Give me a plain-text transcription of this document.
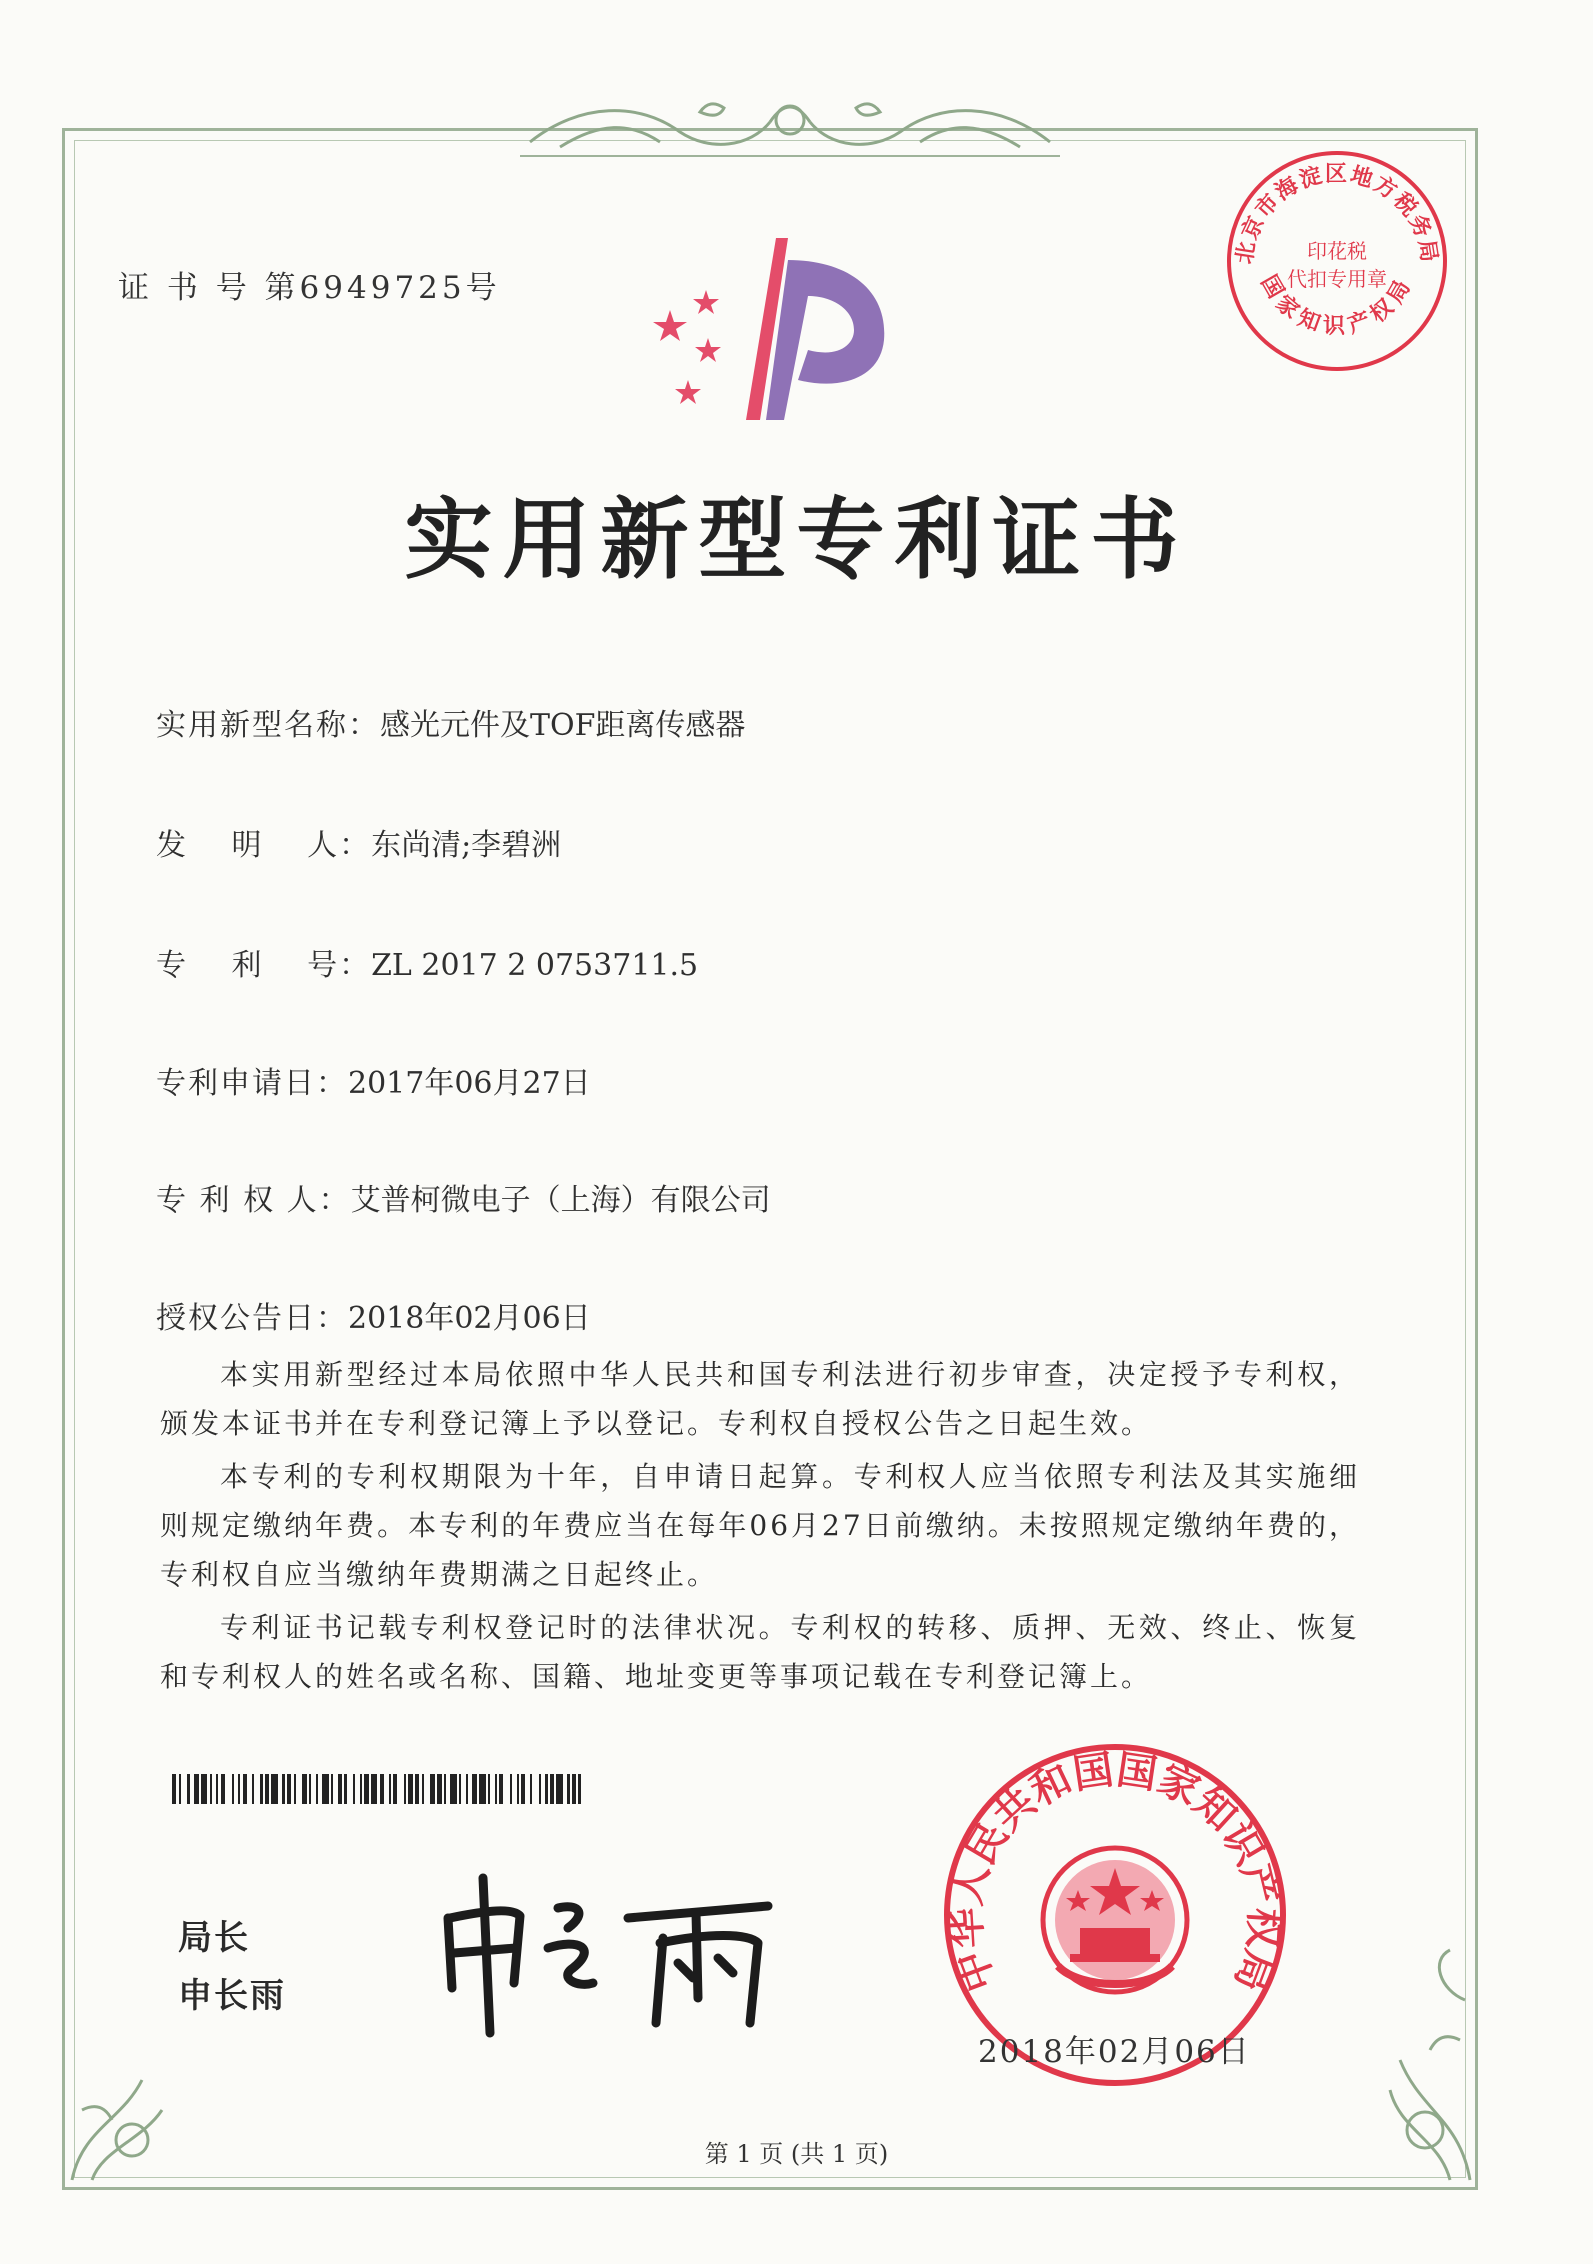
证 书 号 第6949725号
北京市海淀区地方税务局
国家知识产权局
印花税
代扣专用章
实用新型专利证书
实用新型名称：感光元件及TOF距离传感器
发　 明　 人：东尚清;李碧洲
专　 利　 号：ZL 2017 2 0753711.5
专利申请日：2017年06月27日
专 利 权 人：艾普柯微电子（上海）有限公司
授权公告日：2018年02月06日

本实用新型经过本局依照中华人民共和国专利法进行初步审查，决定授予专利权，颁发本证书并在专利登记簿上予以登记。专利权自授权公告之日起生效。

本专利的专利权期限为十年，自申请日起算。专利权人应当依照专利法及其实施细则规定缴纳年费。本专利的年费应当在每年06月27日前缴纳。未按照规定缴纳年费的，专利权自应当缴纳年费期满之日起终止。

专利证书记载专利权登记时的法律状况。专利权的转移、质押、无效、终止、恢复和专利权人的姓名或名称、国籍、地址变更等事项记载在专利登记簿上。

局长
申长雨	中华人民共和国国家知识产权局
2018年02月06日
第 1 页 (共 1 页)
